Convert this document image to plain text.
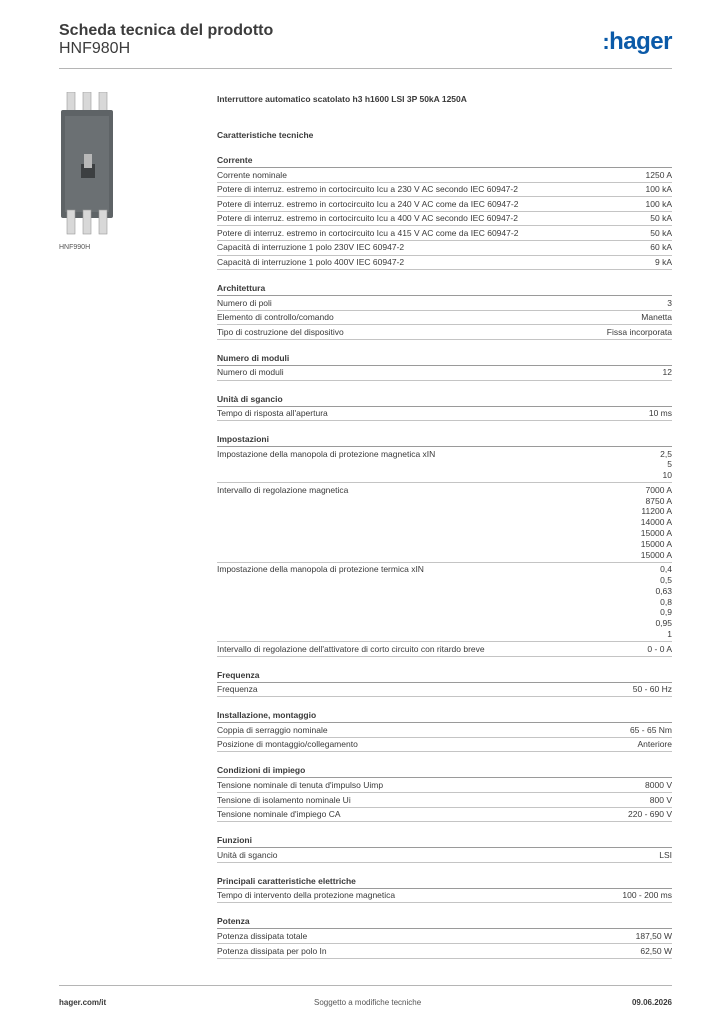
Scheda tecnica del prodotto
HNF980H	:hager
HNF990H
Interruttore automatico scatolato h3 h1600 LSI 3P 50kA 1250A
Caratteristiche tecniche
Corrente
Corrente nominale	1250 A
Potere di interruz. estremo in cortocircuito Icu a 230 V AC secondo IEC 60947-2	100 kA
Potere di interruz. estremo in cortocircuito Icu a 240 V AC come da IEC 60947-2	100 kA
Potere di interruz. estremo in cortocircuito Icu a 400 V AC secondo IEC 60947-2	50 kA
Potere di interruz. estremo in cortocircuito Icu a 415 V AC come da IEC 60947-2	50 kA
Capacità di interruzione 1 polo 230V IEC 60947-2	60 kA
Capacità di interruzione 1 polo 400V IEC 60947-2	9 kA
Architettura
Numero di poli	3
Elemento di controllo/comando	Manetta
Tipo di costruzione del dispositivo	Fissa incorporata
Numero di moduli
Numero di moduli	12
Unità di sgancio
Tempo di risposta all'apertura	10 ms
Impostazioni
Impostazione della manopola di protezione magnetica xIN	2,5
5
10
Intervallo di regolazione magnetica	7000 A
8750 A
11200 A
14000 A
15000 A
15000 A
15000 A
Impostazione della manopola di protezione termica xIN	0,4
0,5
0,63
0,8
0,9
0,95
1
Intervallo di regolazione dell'attivatore di corto circuito con ritardo breve	0 - 0 A
Frequenza
Frequenza	50 - 60 Hz
Installazione, montaggio
Coppia di serraggio nominale	65 - 65 Nm
Posizione di montaggio/collegamento	Anteriore
Condizioni di impiego
Tensione nominale di tenuta d'impulso Uimp	8000 V
Tensione di isolamento nominale Ui	800 V
Tensione nominale d'impiego CA	220 - 690 V
Funzioni
Unità di sgancio	LSI
Principali caratteristiche elettriche
Tempo di intervento della protezione magnetica	100 - 200 ms
Potenza
Potenza dissipata totale	187,50 W
Potenza dissipata per polo In	62,50 W
hager.com/it	Soggetto a modifiche tecniche	09.06.2026
